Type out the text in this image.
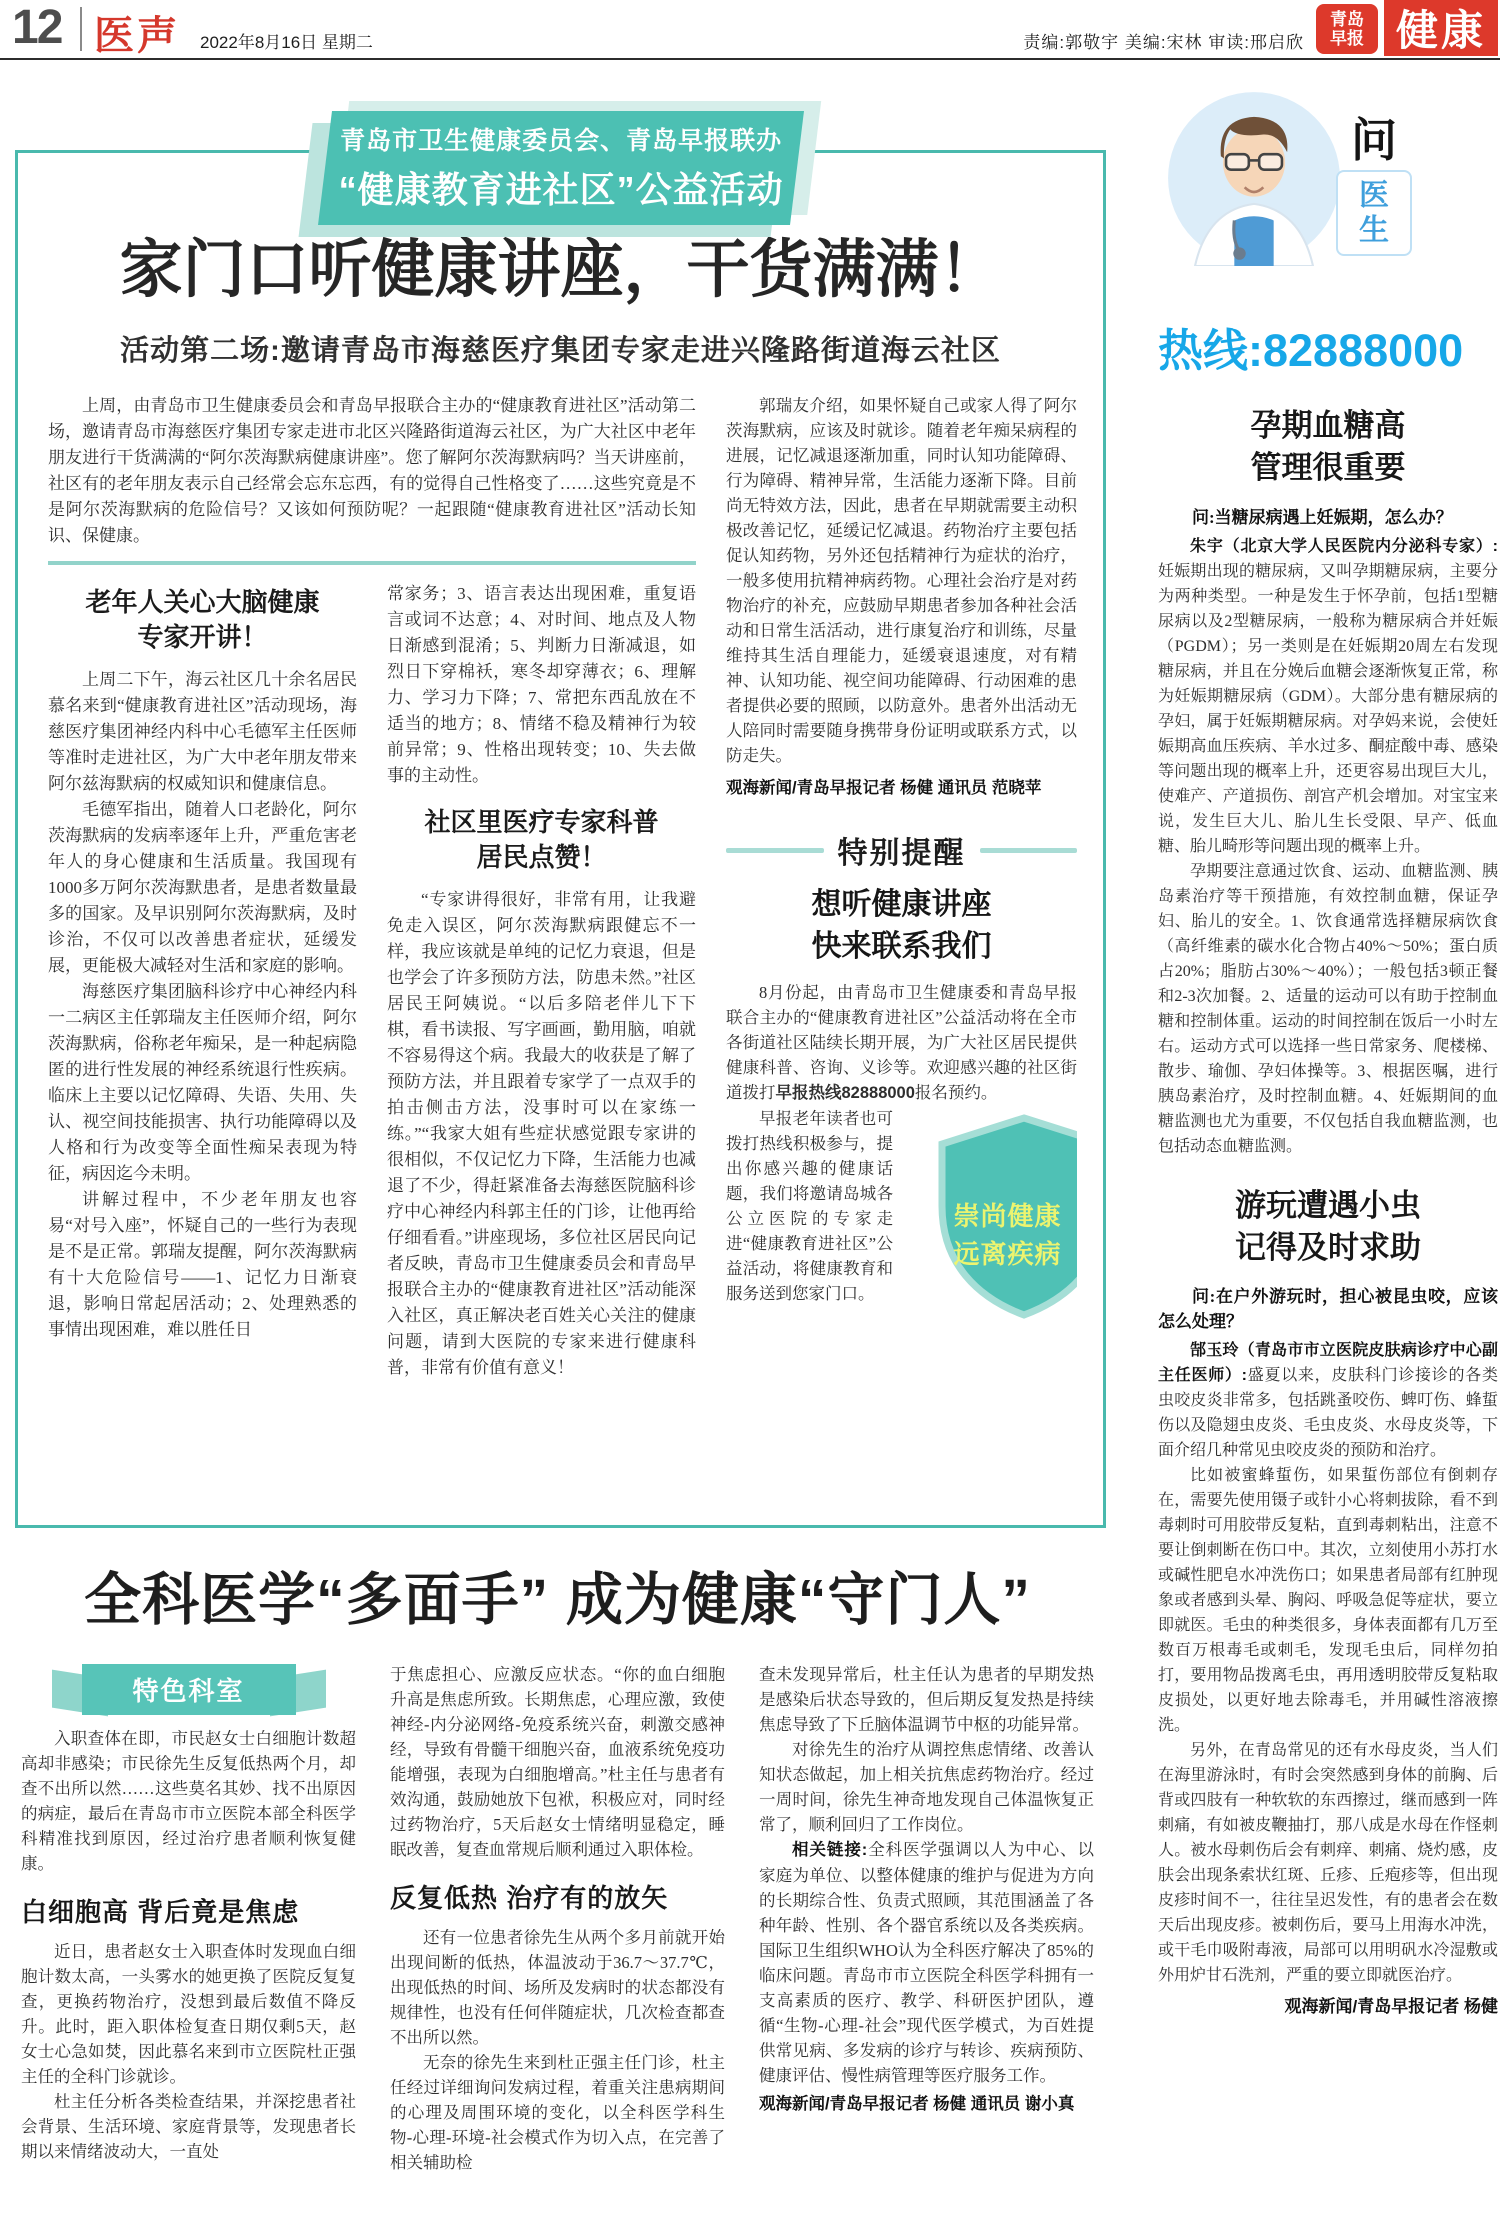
12 医声 2022年8月16日 星期二	责编:郭敬宇 美编:宋林 审读:邢启欣
青岛
早报 健康
青岛市卫生健康委员会、青岛早报联办
“健康教育进社区”公益活动
家门口听健康讲座，干货满满！
活动第二场:邀请青岛市海慈医疗集团专家走进兴隆路街道海云社区

上周，由青岛市卫生健康委员会和青岛早报联合主办的“健康教育进社区”活动第二场，邀请青岛市海慈医疗集团专家走进市北区兴隆路街道海云社区，为广大社区中老年朋友进行干货满满的“阿尔茨海默病健康讲座”。您了解阿尔茨海默病吗？当天讲座前，社区有的老年朋友表示自己经常会忘东忘西，有的觉得自己性格变了……这些究竟是不是阿尔茨海默病的危险信号？又该如何预防呢？一起跟随“健康教育进社区”活动长知识、保健康。

老年人关心大脑健康
专家开讲！

上周二下午，海云社区几十余名居民慕名来到“健康教育进社区”活动现场，海慈医疗集团神经内科中心毛德军主任医师等准时走进社区，为广大中老年朋友带来阿尔兹海默病的权威知识和健康信息。

毛德军指出，随着人口老龄化，阿尔茨海默病的发病率逐年上升，严重危害老年人的身心健康和生活质量。我国现有1000多万阿尔茨海默患者，是患者数量最多的国家。及早识别阿尔茨海默病，及时诊治，不仅可以改善患者症状，延缓发展，更能极大减轻对生活和家庭的影响。

海慈医疗集团脑科诊疗中心神经内科一二病区主任郭瑞友主任医师介绍，阿尔茨海默病，俗称老年痴呆，是一种起病隐匿的进行性发展的神经系统退行性疾病。临床上主要以记忆障碍、失语、失用、失认、视空间技能损害、执行功能障碍以及人格和行为改变等全面性痴呆表现为特征，病因迄今未明。

讲解过程中，不少老年朋友也容易“对号入座”，怀疑自己的一些行为表现是不是正常。郭瑞友提醒，阿尔茨海默病有十大危险信号——1、记忆力日渐衰退，影响日常起居活动；2、处理熟悉的事情出现困难，难以胜任日

常家务；3、语言表达出现困难，重复语言或词不达意；4、对时间、地点及人物日渐感到混淆；5、判断力日渐减退，如烈日下穿棉袄，寒冬却穿薄衣；6、理解力、学习力下降；7、常把东西乱放在不适当的地方；8、情绪不稳及精神行为较前异常；9、性格出现转变；10、失去做事的主动性。

社区里医疗专家科普
居民点赞！

“专家讲得很好，非常有用，让我避免走入误区，阿尔茨海默病跟健忘不一样，我应该就是单纯的记忆力衰退，但是也学会了许多预防方法，防患未然。”社区居民王阿姨说。“以后多陪老伴儿下下棋，看书读报、写字画画，勤用脑，咱就不容易得这个病。我最大的收获是了解了预防方法，并且跟着专家学了一点双手的拍击侧击方法，没事时可以在家练一练。”“我家大姐有些症状感觉跟专家讲的很相似，不仅记忆力下降，生活能力也减退了不少，得赶紧准备去海慈医院脑科诊疗中心神经内科郭主任的门诊，让他再给仔细看看。”讲座现场，多位社区居民向记者反映，青岛市卫生健康委员会和青岛早报联合主办的“健康教育进社区”活动能深入社区，真正解决老百姓关心关注的健康问题，请到大医院的专家来进行健康科普，非常有价值有意义！

郭瑞友介绍，如果怀疑自己或家人得了阿尔茨海默病，应该及时就诊。随着老年痴呆病程的进展，记忆减退逐渐加重，同时认知功能障碍、行为障碍、精神异常，生活能力逐渐下降。目前尚无特效方法，因此，患者在早期就需要主动积极改善记忆，延缓记忆减退。药物治疗主要包括促认知药物，另外还包括精神行为症状的治疗，一般多使用抗精神病药物。心理社会治疗是对药物治疗的补充，应鼓励早期患者参加各种社会活动和日常生活活动，进行康复治疗和训练，尽量维持其生活自理能力，延缓衰退速度，对有精神、认知功能、视空间功能障碍、行动困难的患者提供必要的照顾，以防意外。患者外出活动无人陪同时需要随身携带身份证明或联系方式，以防走失。

观海新闻/青岛早报记者 杨健 通讯员 范晓苹

特别提醒
想听健康讲座
快来联系我们

8月份起，由青岛市卫生健康委和青岛早报联合主办的“健康教育进社区”公益活动将在全市各街道社区陆续长期开展，为广大社区居民提供健康科普、咨询、义诊等。欢迎感兴趣的社区街道拨打早报热线82888000报名预约。

崇尚健康
远离疾病
早报老年读者也可拨打热线积极参与，提出你感兴趣的健康话题，我们将邀请岛城各公立医院的专家走进“健康教育进社区”公益活动，将健康教育和服务送到您家门口。

问
医
生
热线:82888000
孕期血糖高
管理很重要

问:当糖尿病遇上妊娠期，怎么办？

朱宇（北京大学人民医院内分泌科专家）:妊娠期出现的糖尿病，又叫孕期糖尿病，主要分为两种类型。一种是发生于怀孕前，包括1型糖尿病以及2型糖尿病，一般称为糖尿病合并妊娠（PGDM）；另一类则是在妊娠期20周左右发现糖尿病，并且在分娩后血糖会逐渐恢复正常，称为妊娠期糖尿病（GDM）。大部分患有糖尿病的孕妇，属于妊娠期糖尿病。对孕妈来说，会使妊娠期高血压疾病、羊水过多、酮症酸中毒、感染等问题出现的概率上升，还更容易出现巨大儿，使难产、产道损伤、剖宫产机会增加。对宝宝来说，发生巨大儿、胎儿生长受限、早产、低血糖、胎儿畸形等问题出现的概率上升。

孕期要注意通过饮食、运动、血糖监测、胰岛素治疗等干预措施，有效控制血糖，保证孕妇、胎儿的安全。1、饮食通常选择糖尿病饮食（高纤维素的碳水化合物占40%～50%；蛋白质占20%；脂肪占30%～40%）；一般包括3顿正餐和2-3次加餐。2、适量的运动可以有助于控制血糖和控制体重。运动的时间控制在饭后一小时左右。运动方式可以选择一些日常家务、爬楼梯、散步、瑜伽、孕妇体操等。3、根据医嘱，进行胰岛素治疗，及时控制血糖。4、妊娠期间的血糖监测也尤为重要，不仅包括自我血糖监测，也包括动态血糖监测。

游玩遭遇小虫
记得及时求助

问:在户外游玩时，担心被昆虫咬，应该怎么处理？

郜玉玲（青岛市市立医院皮肤病诊疗中心副主任医师）:盛夏以来，皮肤科门诊接诊的各类虫咬皮炎非常多，包括跳蚤咬伤、蜱叮伤、蜂蜇伤以及隐翅虫皮炎、毛虫皮炎、水母皮炎等，下面介绍几种常见虫咬皮炎的预防和治疗。

比如被蜜蜂蜇伤，如果蜇伤部位有倒刺存在，需要先使用镊子或针小心将刺拔除，看不到毒刺时可用胶带反复粘，直到毒刺粘出，注意不要让倒刺断在伤口中。其次，立刻使用小苏打水或碱性肥皂水冲洗伤口；如果患者局部有红肿现象或者感到头晕、胸闷、呼吸急促等症状，要立即就医。毛虫的种类很多，身体表面都有几万至数百万根毒毛或刺毛，发现毛虫后，同样勿拍打，要用物品拨离毛虫，再用透明胶带反复粘取皮损处，以更好地去除毒毛，并用碱性溶液擦洗。

另外，在青岛常见的还有水母皮炎，当人们在海里游泳时，有时会突然感到身体的前胸、后背或四肢有一种软软的东西擦过，继而感到一阵刺痛，有如被皮鞭抽打，那八成是水母在作怪刺人。被水母刺伤后会有刺痒、刺痛、烧灼感，皮肤会出现条索状红斑、丘疹、丘疱疹等，但出现皮疹时间不一，往往呈迟发性，有的患者会在数天后出现皮疹。被刺伤后，要马上用海水冲洗，或干毛巾吸附毒液，局部可以用明矾水冷湿敷或外用炉甘石洗剂，严重的要立即就医治疗。

观海新闻/青岛早报记者 杨健

全科医学“多面手” 成为健康“守门人”
特色科室

入职查体在即，市民赵女士白细胞计数超高却非感染；市民徐先生反复低热两个月，却查不出所以然……这些莫名其妙、找不出原因的病症，最后在青岛市市立医院本部全科医学科精准找到原因，经过治疗患者顺利恢复健康。

白细胞高 背后竟是焦虑

近日，患者赵女士入职查体时发现血白细胞计数太高，一头雾水的她更换了医院反复复查，更换药物治疗，没想到最后数值不降反升。此时，距入职体检复查日期仅剩5天，赵女士心急如焚，因此慕名来到市立医院杜正强主任的全科门诊就诊。

杜主任分析各类检查结果，并深挖患者社会背景、生活环境、家庭背景等，发现患者长期以来情绪波动大，一直处

于焦虑担心、应激反应状态。“你的血白细胞升高是焦虑所致。长期焦虑，心理应激，致使神经-内分泌网络-免疫系统兴奋，刺激交感神经，导致有骨髓干细胞兴奋，血液系统免疫功能增强，表现为白细胞增高。”杜主任与患者有效沟通，鼓励她放下包袱，积极应对，同时经过药物治疗，5天后赵女士情绪明显稳定，睡眠改善，复查血常规后顺利通过入职体检。

反复低热 治疗有的放矢

还有一位患者徐先生从两个多月前就开始出现间断的低热，体温波动于36.7～37.7℃，出现低热的时间、场所及发病时的状态都没有规律性，也没有任何伴随症状，几次检查都查不出所以然。

无奈的徐先生来到杜正强主任门诊，杜主任经过详细询问发病过程，着重关注患病期间的心理及周围环境的变化，以全科医学科生物-心理-环境-社会模式作为切入点，在完善了相关辅助检

查未发现异常后，杜主任认为患者的早期发热是感染后状态导致的，但后期反复发热是持续焦虑导致了下丘脑体温调节中枢的功能异常。

对徐先生的治疗从调控焦虑情绪、改善认知状态做起，加上相关抗焦虑药物治疗。经过一周时间，徐先生神奇地发现自己体温恢复正常了，顺利回归了工作岗位。

相关链接:全科医学强调以人为中心、以家庭为单位、以整体健康的维护与促进为方向的长期综合性、负责式照顾，其范围涵盖了各种年龄、性别、各个器官系统以及各类疾病。国际卫生组织WHO认为全科医疗解决了85%的临床问题。青岛市市立医院全科医学科拥有一支高素质的医疗、教学、科研医护团队，遵循“生物-心理-社会”现代医学模式，为百姓提供常见病、多发病的诊疗与转诊、疾病预防、健康评估、慢性病管理等医疗服务工作。

观海新闻/青岛早报记者 杨健 通讯员 谢小真
